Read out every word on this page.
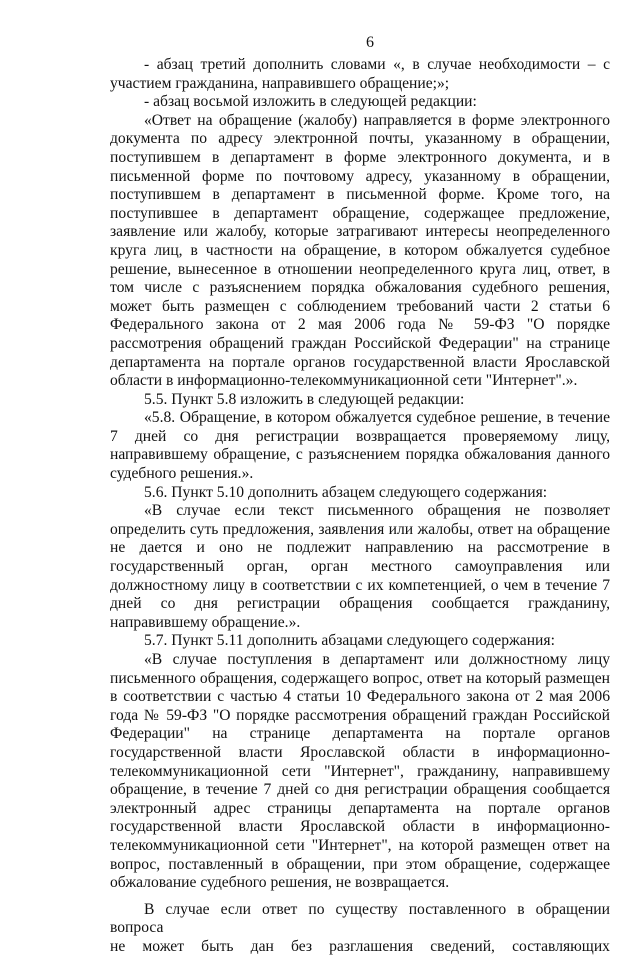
6

- абзац третий дополнить словами «, в случае необходимости – с участием гражданина, направившего обращение;»;

- абзац восьмой изложить в следующей редакции:

«Ответ на обращение (жалобу) направляется в форме электронного документа по адресу электронной почты, указанному в обращении, поступившем в департамент в форме электронного документа, и в письменной форме по почтовому адресу, указанному в обращении, поступившем в департамент в письменной форме. Кроме того, на поступившее в департамент обращение, содержащее предложение, заявление или жалобу, которые затрагивают интересы неопределенного круга лиц, в частности на обращение, в котором обжалуется судебное решение, вынесенное в отношении неопределенного круга лиц, ответ, в том числе с разъяснением порядка обжалования судебного решения, может быть размещен с соблюдением требований части 2 статьи 6 Федерального закона от 2 мая 2006 года № 59-ФЗ "О порядке рассмотрения обращений граждан Российской Федерации" на странице департамента на портале органов государственной власти Ярославской области в информационно-телекоммуникационной сети "Интернет".».

5.5. Пункт 5.8 изложить в следующей редакции:

«5.8. Обращение, в котором обжалуется судебное решение, в течение 7 дней со дня регистрации возвращается проверяемому лицу, направившему обращение, с разъяснением порядка обжалования данного судебного решения.».

5.6. Пункт 5.10 дополнить абзацем следующего содержания:

«В случае если текст письменного обращения не позволяет определить суть предложения, заявления или жалобы, ответ на обращение не дается и оно не подлежит направлению на рассмотрение в государственный орган, орган местного самоуправления или должностному лицу в соответствии с их компетенцией, о чем в течение 7 дней со дня регистрации обращения сообщается гражданину, направившему обращение.».

5.7. Пункт 5.11 дополнить абзацами следующего содержания:

«В случае поступления в департамент или должностному лицу письменного обращения, содержащего вопрос, ответ на который размещен в соответствии с частью 4 статьи 10 Федерального закона от 2 мая 2006 года № 59-ФЗ "О порядке рассмотрения обращений граждан Российской Федерации" на странице департамента на портале органов государственной власти Ярославской области в информационно-телекоммуникационной сети "Интернет", гражданину, направившему обращение, в течение 7 дней со дня регистрации обращения сообщается электронный адрес страницы департамента на портале органов государственной власти Ярославской области в информационно-телекоммуникационной сети "Интернет", на которой размещен ответ на вопрос, поставленный в обращении, при этом обращение, содержащее обжалование судебного решения, не возвращается.

В случае если ответ по существу поставленного в обращении вопроса

не может быть дан без разглашения сведений, составляющих
